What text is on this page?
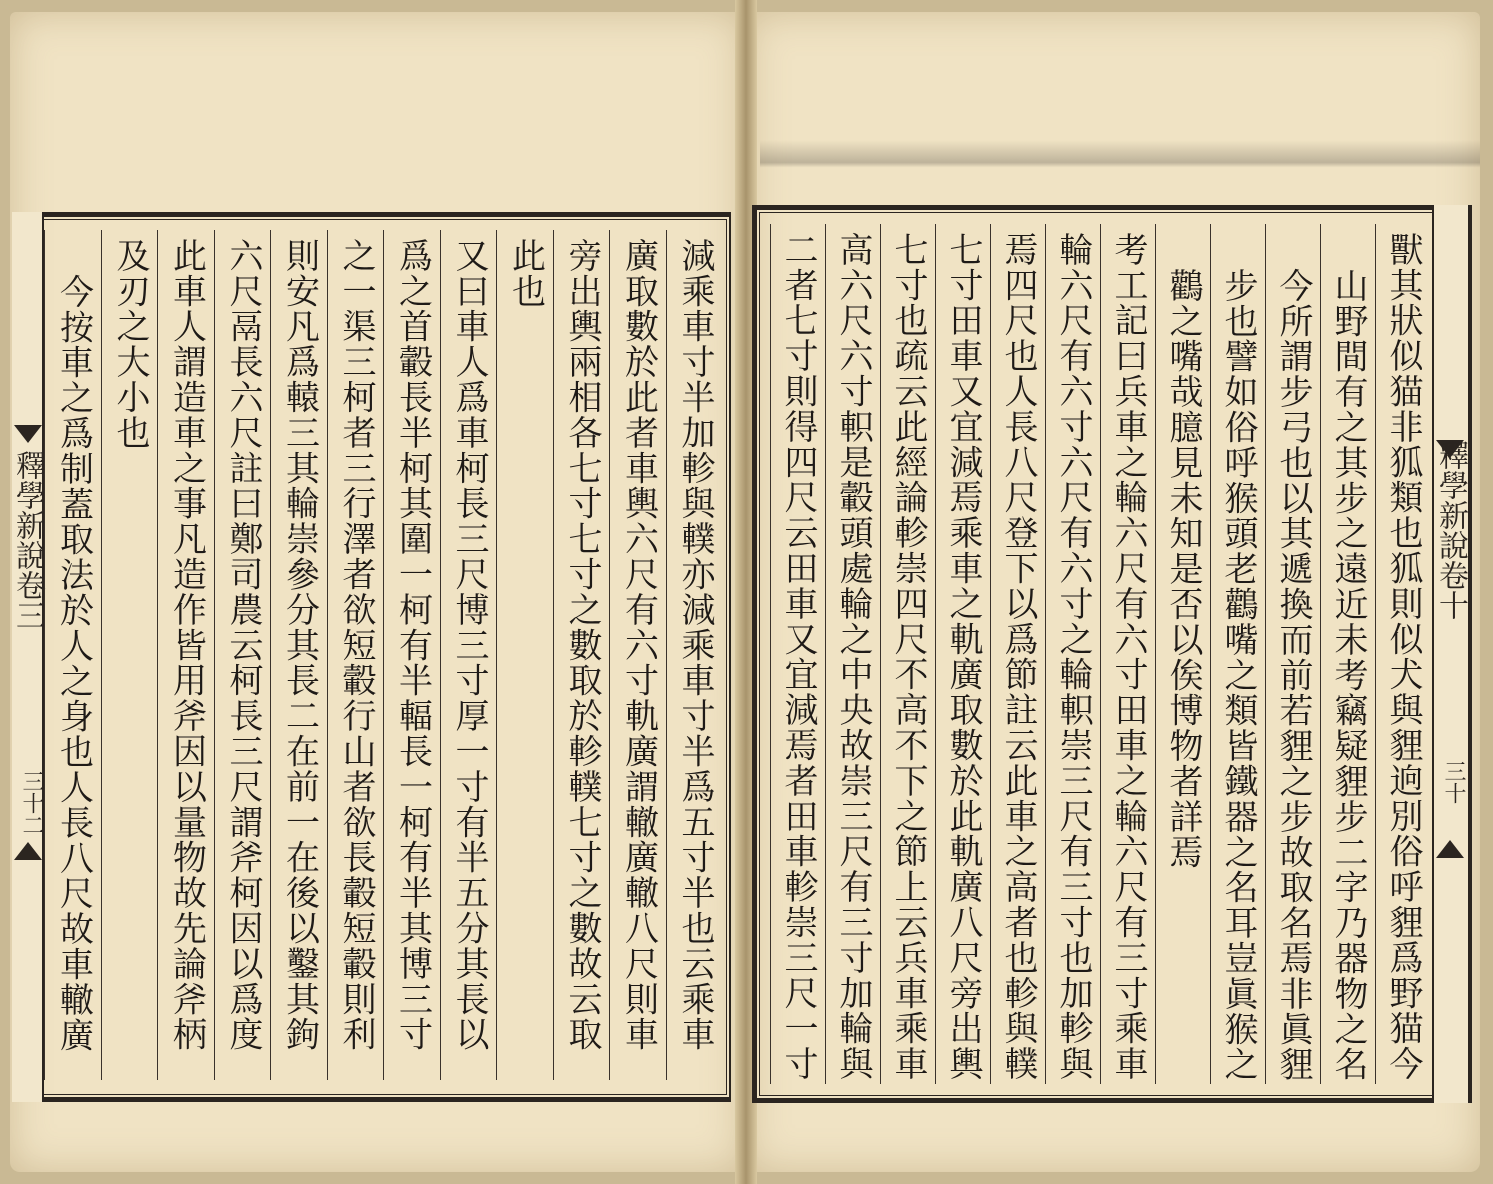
釋學新說卷十
三十
釋學新說卷三
三十二	獸其狀似猫非狐類也狐則似犬與貍逈別俗呼貍爲野猫今
山野間有之其步之遠近未考竊疑貍步二字乃器物之名
今所謂步弓也以其遞換而前若貍之步故取名焉非眞貍
步也譬如俗呼猴頭老鸛嘴之類皆鐵器之名耳豈眞猴之
鸛之嘴哉臆見未知是否以俟博物者詳焉
考工記曰兵車之輪六尺有六寸田車之輪六尺有三寸乘車
輪六尺有六寸六尺有六寸之輪軹崇三尺有三寸也加軫與
焉四尺也人長八尺登下以爲節註云此車之高者也軫與轐
七寸田車又宜減焉乘車之軌廣取數於此軌廣八尺旁出輿
七寸也疏云此經論軫崇四尺不高不下之節上云兵車乘車
高六尺六寸軹是轂頭處輪之中央故崇三尺有三寸加輪與
二者七寸則得四尺云田車又宜減焉者田車軫崇三尺一寸
減乘車寸半加軫與轐亦減乘車寸半爲五寸半也云乘車
廣取數於此者車輿六尺有六寸軌廣謂轍廣轍八尺則車
旁出輿兩相各七寸七寸之數取於軫轐七寸之數故云取
此也
又曰車人爲車柯長三尺博三寸厚一寸有半五分其長以
爲之首轂長半柯其圍一柯有半輻長一柯有半其博三寸
之一渠三柯者三行澤者欲短轂行山者欲長轂短轂則利
則安凡爲轅三其輪崇參分其長二在前一在後以鑿其鉤
六尺鬲長六尺註曰鄭司農云柯長三尺謂斧柯因以爲度
此車人謂造車之事凡造作皆用斧因以量物故先論斧柄
及刃之大小也
今按車之爲制蓋取法於人之身也人長八尺故車轍廣
